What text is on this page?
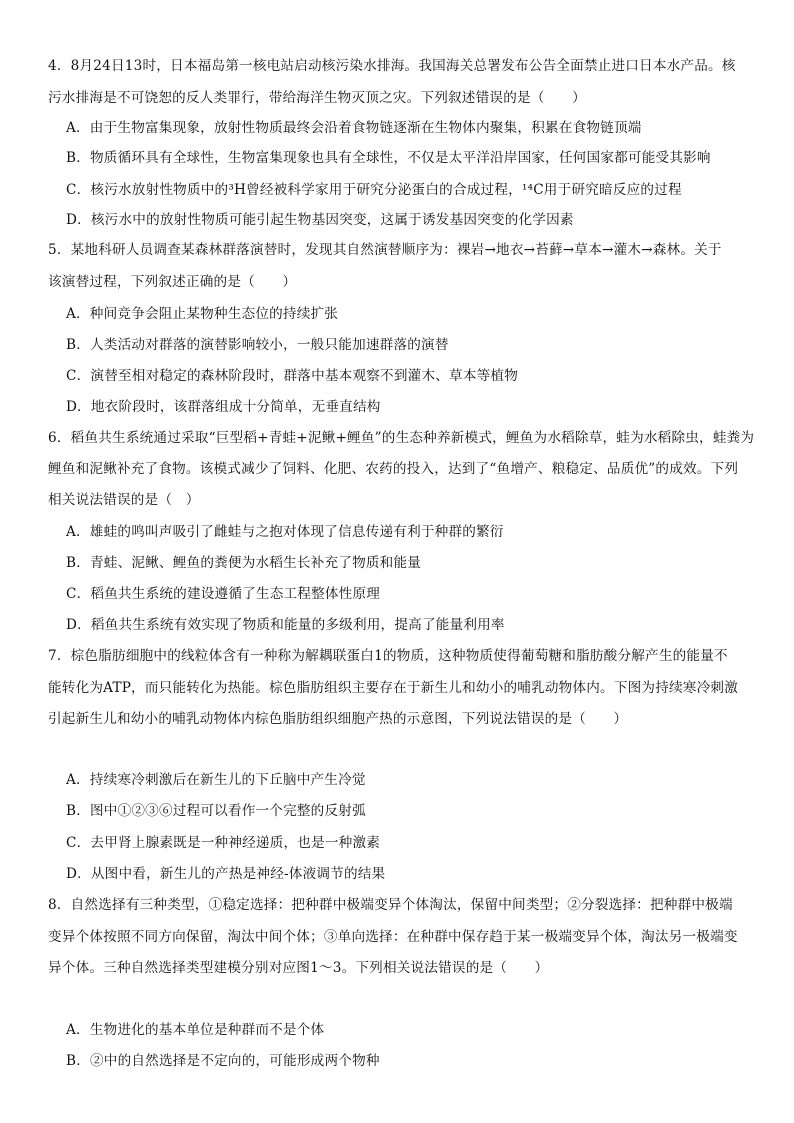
4．8月24日13时，日本福岛第一核电站启动核污染水排海。我国海关总署发布公告全面禁止进口日本水产品。核
污水排海是不可饶恕的反人类罪行，带给海洋生物灭顶之灾。下列叙述错误的是（　　）
A．由于生物富集现象，放射性物质最终会沿着食物链逐渐在生物体内聚集，积累在食物链顶端
B．物质循环具有全球性，生物富集现象也具有全球性，不仅是太平洋沿岸国家，任何国家都可能受其影响
C．核污水放射性物质中的³H曾经被科学家用于研究分泌蛋白的合成过程，¹⁴C用于研究暗反应的过程
D．核污水中的放射性物质可能引起生物基因突变，这属于诱发基因突变的化学因素
5．某地科研人员调查某森林群落演替时，发现其自然演替顺序为：裸岩→地衣→苔藓→草本→灌木→森林。关于
该演替过程，下列叙述正确的是（　　）
A．种间竞争会阻止某物种生态位的持续扩张
B．人类活动对群落的演替影响较小，一般只能加速群落的演替
C．演替至相对稳定的森林阶段时，群落中基本观察不到灌木、草本等植物
D．地衣阶段时，该群落组成十分简单，无垂直结构
6．稻鱼共生系统通过采取“巨型稻+青蛙+泥鳅+鲤鱼”的生态种养新模式，鲤鱼为水稻除草，蛙为水稻除虫，蛙粪为
鲤鱼和泥鳅补充了食物。该模式减少了饲料、化肥、农药的投入，达到了“鱼增产、粮稳定、品质优”的成效。下列
相关说法错误的是（　）
A．雄蛙的鸣叫声吸引了雌蛙与之抱对体现了信息传递有利于种群的繁衍
B．青蛙、泥鳅、鲤鱼的粪便为水稻生长补充了物质和能量
C．稻鱼共生系统的建设遵循了生态工程整体性原理
D．稻鱼共生系统有效实现了物质和能量的多级利用，提高了能量利用率
7．棕色脂肪细胞中的线粒体含有一种称为解耦联蛋白1的物质，这种物质使得葡萄糖和脂肪酸分解产生的能量不
能转化为ATP，而只能转化为热能。棕色脂肪组织主要存在于新生儿和幼小的哺乳动物体内。下图为持续寒冷刺激
引起新生儿和幼小的哺乳动物体内棕色脂肪组织细胞产热的示意图，下列说法错误的是（　　）
A．持续寒冷刺激后在新生儿的下丘脑中产生冷觉
B．图中①②③⑥过程可以看作一个完整的反射弧
C．去甲肾上腺素既是一种神经递质，也是一种激素
D．从图中看，新生儿的产热是神经-体液调节的结果
8．自然选择有三种类型，①稳定选择：把种群中极端变异个体淘汰，保留中间类型；②分裂选择：把种群中极端
变异个体按照不同方向保留，淘汰中间个体；③单向选择：在种群中保存趋于某一极端变异个体，淘汰另一极端变
异个体。三种自然选择类型建模分别对应图1～3。下列相关说法错误的是（　　）
A．生物进化的基本单位是种群而不是个体
B．②中的自然选择是不定向的，可能形成两个物种
